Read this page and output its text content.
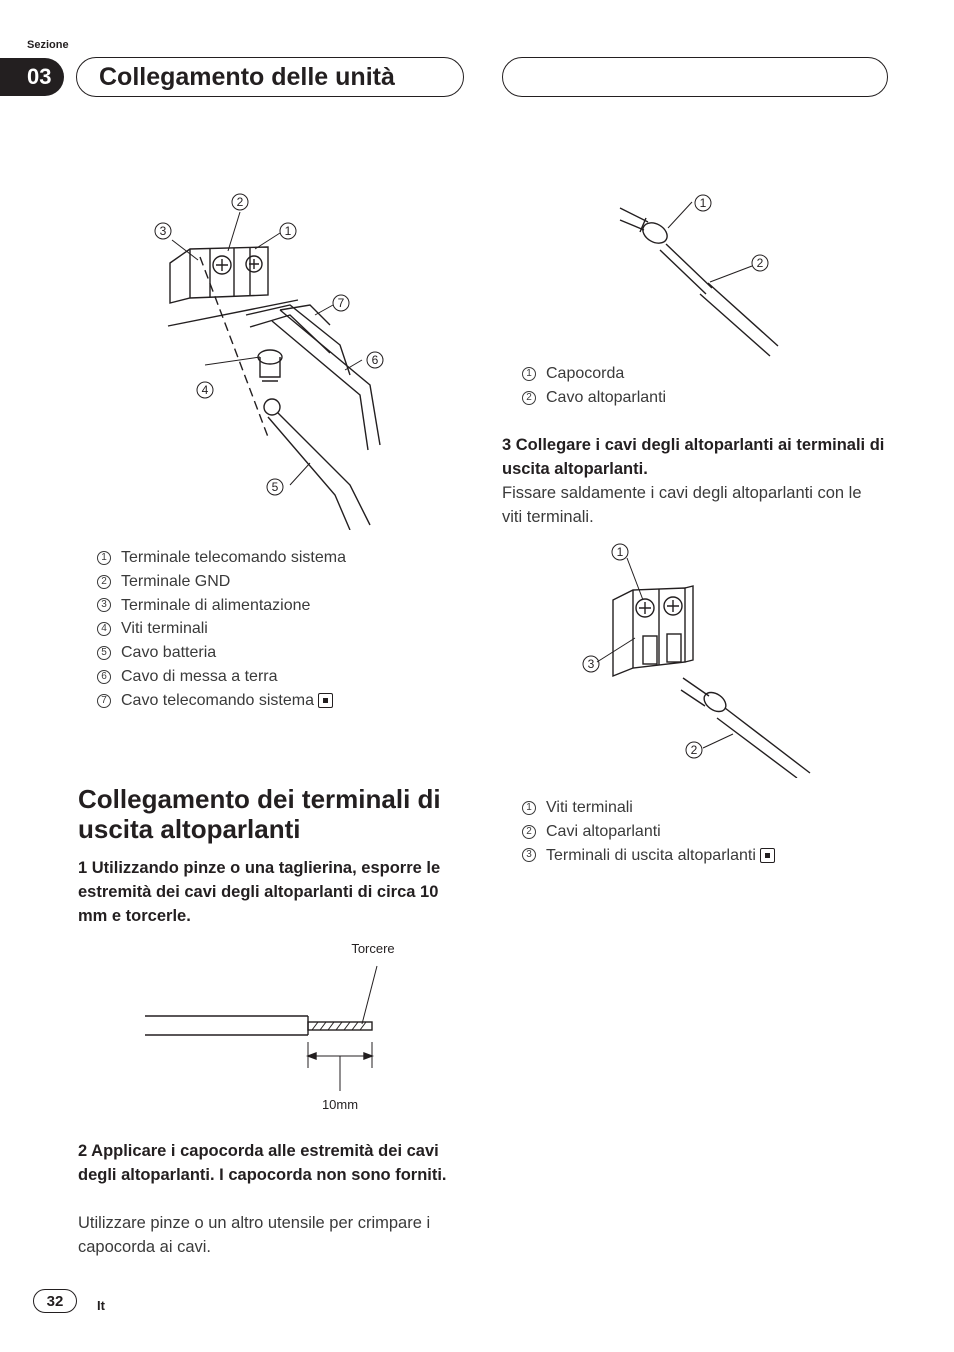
Sezione
03	Collegamento delle unità
1
2
3
4
5
6
7
1 Terminale telecomando sistema
2 Terminale GND
3 Terminale di alimentazione
4 Viti terminali
5 Cavo batteria
6 Cavo di messa a terra
7 Cavo telecomando sistema
Collegamento dei terminali di uscita altoparlanti
1 Utilizzando pinze o una taglierina, esporre le estremità dei cavi degli altoparlanti di circa 10 mm e torcerle.
Torcere
10mm
2 Applicare i capocorda alle estremità dei cavi degli altoparlanti. I capocorda non sono forniti.
Utilizzare pinze o un altro utensile per crimpare i capocorda ai cavi.
1
2
1 Capocorda
2 Cavo altoparlanti
3 Collegare i cavi degli altoparlanti ai terminali di uscita altoparlanti.
Fissare saldamente i cavi degli altoparlanti con le viti terminali.
1
2
3
1 Viti terminali
2 Cavi altoparlanti
3 Terminali di uscita altoparlanti
32	It
